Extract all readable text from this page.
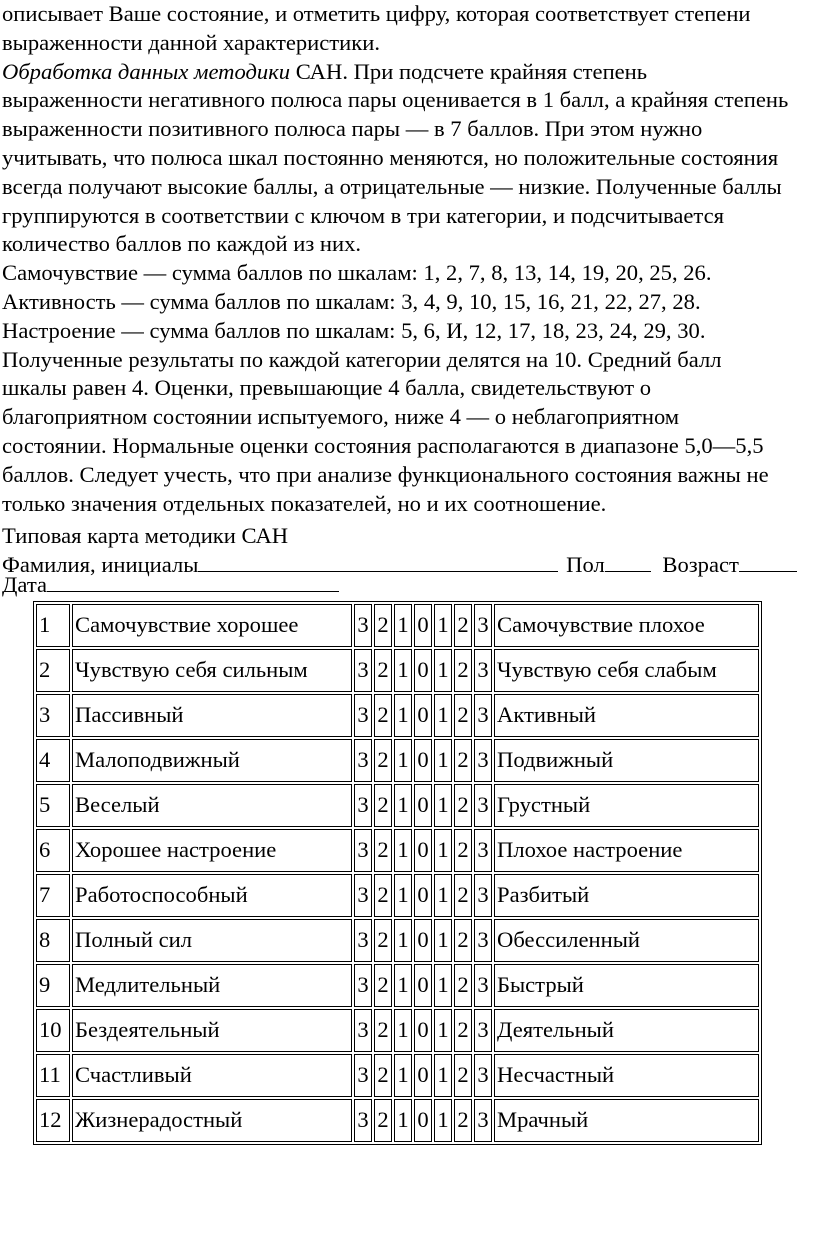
описывает Ваше состояние, и отметить цифру, которая соответствует степени
выраженности данной характеристики.
Обработка данных методики САН. При подсчете крайняя степень
выраженности негативного полюса пары оценивается в 1 балл, а крайняя степень
выраженности позитивного полюса пары — в 7 баллов. При этом нужно
учитывать, что полюса шкал постоянно меняются, но положительные состояния
всегда получают высокие баллы, а отрицательные — низкие. Полученные баллы
группируются в соответствии с ключом в три категории, и подсчитывается
количество баллов по каждой из них.
Самочувствие — сумма баллов по шкалам: 1, 2, 7, 8, 13, 14, 19, 20, 25, 26.
Активность — сумма баллов по шкалам: 3, 4, 9, 10, 15, 16, 21, 22, 27, 28.
Настроение — сумма баллов по шкалам: 5, 6, И, 12, 17, 18, 23, 24, 29, 30.
Полученные результаты по каждой категории делятся на 10. Средний балл
шкалы равен 4. Оценки, превышающие 4 балла, свидетельствуют о
благоприятном состоянии испытуемого, ниже 4 — о неблагоприятном
состоянии. Нормальные оценки состояния располагаются в диапазоне 5,0—5,5
баллов. Следует учесть, что при анализе функционального состояния важны не
только значения отдельных показателей, но и их соотношение.
Типовая карта методики САН
Фамилия, инициалы	Пол	Возраст
Дата
1	Самочувствие хорошее	3	2	1	0	1	2	3	Самочувствие плохое
2	Чувствую себя сильным	3	2	1	0	1	2	3	Чувствую себя слабым
3	Пассивный	3	2	1	0	1	2	3	Активный
4	Малоподвижный	3	2	1	0	1	2	3	Подвижный
5	Веселый	3	2	1	0	1	2	3	Грустный
6	Хорошее настроение	3	2	1	0	1	2	3	Плохое настроение
7	Работоспособный	3	2	1	0	1	2	3	Разбитый
8	Полный сил	3	2	1	0	1	2	3	Обессиленный
9	Медлительный	3	2	1	0	1	2	3	Быстрый
10	Бездеятельный	3	2	1	0	1	2	3	Деятельный
11	Счастливый	3	2	1	0	1	2	3	Несчастный
12	Жизнерадостный	3	2	1	0	1	2	3	Мрачный
